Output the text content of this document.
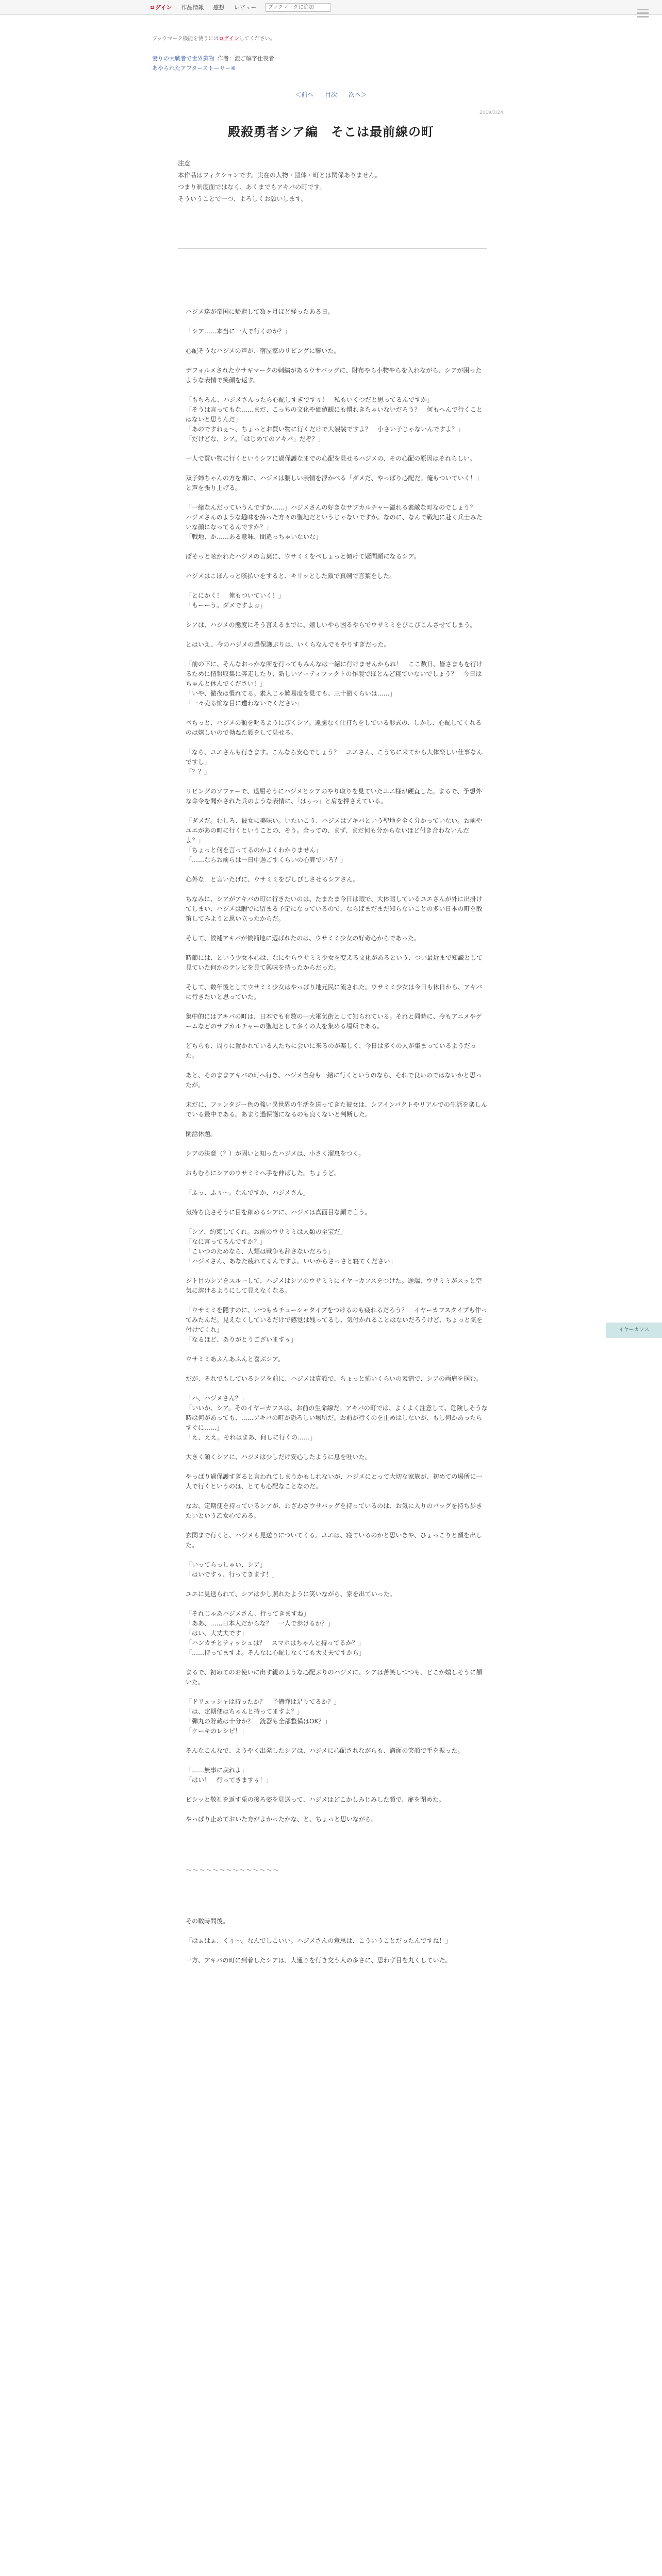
ログイン 作品情報 感想 レビュー
ブックマークに追加
ブックマーク機能を使うにはログインしてください。
妻りの大戦者で世界蘇物 作者：渡ご解字仕夜者
あやられたアフターストーリー※
＜前へ 目次 次へ＞
2019/3/24
殿殺勇者シア編　そこは最前線の町

注意

本作品はフィクションです。実在の人物・団体・町とは関係ありません。

つまり制度面ではなく、あくまでもアキバの町です。

そういうことで一つ、よろしくお願いします。

ハジメ達が帝国に帰還して数ヶ月ほど経ったある日。

「シア……本当に一人で行くのか？」

心配そうなハジメの声が、宿屋家のリビングに響いた。

デフォルメされたウサギマークの刺繍があるウサバッグに、財布やら小物やらを入れながら、シアが困ったような表情で笑顔を返す。

「もちろん、ハジメさんったら心配しすぎですぅ！　私もいくつだと思ってるんですか」
「そうは言ってもな……まだ、こっちの文化や価値観にも慣れきちゃいないだろう？　何もへんで行くことはないと思うんだ」
「あのですねぇ〜、ちょっとお買い物に行くだけで大袈裟ですよ？　小さい子じゃないんですよ？」
「だけどな、シア。「はじめてのアキバ」だぞ？」

一人で買い物に行くというシアに過保護なまでの心配を見せるハジメの、その心配の原因はそれらしい。

双子姉ちゃんの方を頭に、ハジメは腰しい表情を浮かべる「ダメだ、やっぱり心配だ。俺もついていく！」と声を張り上げる。

「一緒なんだっていうんですか……」ハジメさんの好きなサブカルチャー溢れる素敵な町なのでしょう？　ハジメさんのような趣味を持った方々の聖地だというじゃないですか。なのに、なんで戦地に赴く兵士みたいな顔になってるんですか？」
「戦地、か……ある意味、間違っちゃいないな」

ぽそっと呟かれたハジメの言葉に、ウサミミをぺしょっと傾けて疑問顔になるシア。

ハジメはこほんっと咳払いをすると、キリッとした顔で真剣で言葉をした。

「とにかく！　俺もついていく！」
「もーーう。ダメですよぉ」

シアは、ハジメの態度にそう言えるまでに、嬉しいやら困るやらでウサミミをぴこぴこんさせてしまう。

とはいえ、今のハジメの過保護ぶりは、いくらなんでもやりすぎだった。

「前の下に、そんなおっかな所を行ってもみんなは一緒に行けませんからね！　ここ数日、皆さまもを行けるために情報収集に奔走したり、新しいアーティファクトの作製でほとんど寝ていないでしょう？　今日はちゃんと休んでください！」
「いや、徹夜は慣れてる。素人じゃ難易度を見ても、三十徹くらいは……」
「一々売る愉な目に遭わないでください」

ぺちっと、ハジメの額を叱るようにぴくシア。遠慮なく仕打ちをしている形式の、しかし、心配してくれるのは嬉しいので拗ねた顔をして見せる。

「なら、ユエさんも行きます。こんなら安心でしょう？　ユエさん、こうちに来てから大体楽しい仕事なんですし」
「？？」

リビングのソファーで、退屈そうにハジメとシアのやり取りを見ていたユエ様が硬直した。まるで、予想外な命令を聞かされた兵のような表情に、「はぅっ」と肩を押さえている。

「ダメだ。むしろ、彼女に美味い。いたいこう、ハジメはアキバという聖地を全く分かっていない。お前やユエがあの町に行くということの、そう。全っての、まず、まだ何も分からないほど付き合わないんだよ？」
「ちょっと何を言ってるのかよくわかりません」
「……ならお前らは一日中過ごすくらいの心算でいろ？」

心外な　と言いたげに、ウサミミをぴしぴしさせるシアさん。

ちなみに、シアがアキバの町に行きたいのは、たまたま今日は暇で、大体暇しているユエさんが外に出掛けてしまい、ハジメは暇でに留まる予定になっているので、ならばまだまだ知らないことの多い日本の町を散策してみようと思い立ったからだ。

そして、候補アキバが候補地に選ばれたのは、ウサミミ少女の好奇心からであった。

時節には、という少女本心は、なにやらウサミミ少女を変える文化があるという、つい最近まで知識として見ていた何かのテレビを見て興味を持ったからだった。

そして、数年後としてウサミミ少女はやっぱり地元民に流された。ウサミミ少女は今日も休日から、アキバに行きたいと思っていた。

集中的にはアキバの町は、日本でも有数の一大電気街として知られている。それと同時に、今もアニメやゲームなどのサブカルチャーの聖地として多くの人を集める場所である。

どちらも、周りに置かれている人たちに会いに来るのが楽しく、今日は多くの人が集まっているようだった。

あと、そのままアキバの町へ行き、ハジメ自身も一緒に行くというのなら、それで良いのではないかと思ったが。

未だに、ファンタジー色の強い異世界の生活を送ってきた彼女は、シアインパクトやリアルでの生活を楽しんでいる最中である。あまり過保護になるのも良くないと判断した。

閑話休題。

シアの決意（？）が固いと知ったハジメは、小さく溜息をつく。

おもむろにシアのウサミミへ手を伸ばした。ちょうど。

「ふっ、ふぅ〜。なんですか、ハジメさん」

気持ち良さそうに目を細めるシアに、ハジメは真面目な顔で言う。

「シア、約束してくれ。お前のウサミミは人類の至宝だ」
「なに言ってるんですか？」
「こいつのためなら、人類は戦争も辞さないだろう」
「ハジメさん、あなた疲れてるんですよ。いいからさっさと寝てください」

ジト目のシアをスルーして、ハジメはシアのウサミミにイヤーカフスをつけた。途端、ウサミミがスッと空気に溶けるようにして見えなくなる。

「ウサミミを隠すのに、いつもカチューシャタイプをつけるのも疲れるだろう？　イヤーカフスタイプも作ってみたんだ。見えなくしているだけで感覚は残ってるし、気付かれることはないだろうけど、ちょっと気を付けてくれ」
「なるほど、ありがとうございますぅ」

ウサミミあふんあふんと喜ぶシア。

だが、それでもしているシアを前に、ハジメは真顔で、ちょっと怖いくらいの表情で、シアの両肩を掴む。

「ハ、ハジメさん？」
「いいか、シア。そのイヤーカフスは、お前の生命線だ。アキバの町では、よくよく注意して、危険しそうな時は何があっても、……アキバの町が恐ろしい場所だ。お前が行くのを止めはしないが、もし何かあったらすぐに……」
「え、ええ。それはまあ、何しに行くの……」

大きく頷くシアに、ハジメは少しだけ安心したように息を吐いた。

やっぱり過保護すぎると言われてしまうかもしれないが、ハジメにとって大切な家族が、初めての場所に一人で行くというのは、とても心配なことなのだ。

なお、定期便を持っているシアが、わざわざウサバッグを持っているのは、お気に入りのバッグを持ち歩きたいという乙女心である。

玄関まで行くと、ハジメも見送りについてくる。ユエは、寝ているのかと思いきや、ひょっこりと顔を出した。

「いってらっしゃい、シア」
「はいですぅ、行ってきます！」

ユエに見送られて、シアは少し照れたように笑いながら、家を出ていった。

「それじゃあハジメさん、行ってきますね」
「ああ、……日本人だからな？　一人で歩けるか？」
「はい、大丈夫です」
「ハンカチとティッシュは？　スマホはちゃんと持ってるか？」
「……持ってますよ。そんなに心配しなくても大丈夫ですから」

まるで、初めてのお使いに出す親のような心配ぶりのハジメに、シアは苦笑しつつも、どこか嬉しそうに頷いた。

「ドリュッシャは持ったか？　予備弾は足りてるか？」
「は、定期便はちゃんと持ってますよ？」
「弾丸の貯蔵は十分か？　銃器も全部整備はOK？」
「ケーキのレシピ！」

そんなこんなで、ようやく出発したシアは、ハジメに心配されながらも、満面の笑顔で手を振った。

「……無事に戻れよ」
「はい！　行ってきますぅ！」

ビシッと敬礼を返す兎の後ろ姿を見送って、ハジメはどこかしみじみした顔で、扉を閉めた。

やっぱり止めておいた方がよかったかな、と、ちょっと思いながら。

〜〜〜〜〜〜〜〜〜〜〜〜〜〜

その数時間後。

「はぁはぁ、くぅ〜。なんでしこいい。ハジメさんの意思は、こういうことだったんですね！」

一方、アキバの町に到着したシアは、大通りを行き交う人の多さに、思わず目を丸くしていた。

イヤーカフス
